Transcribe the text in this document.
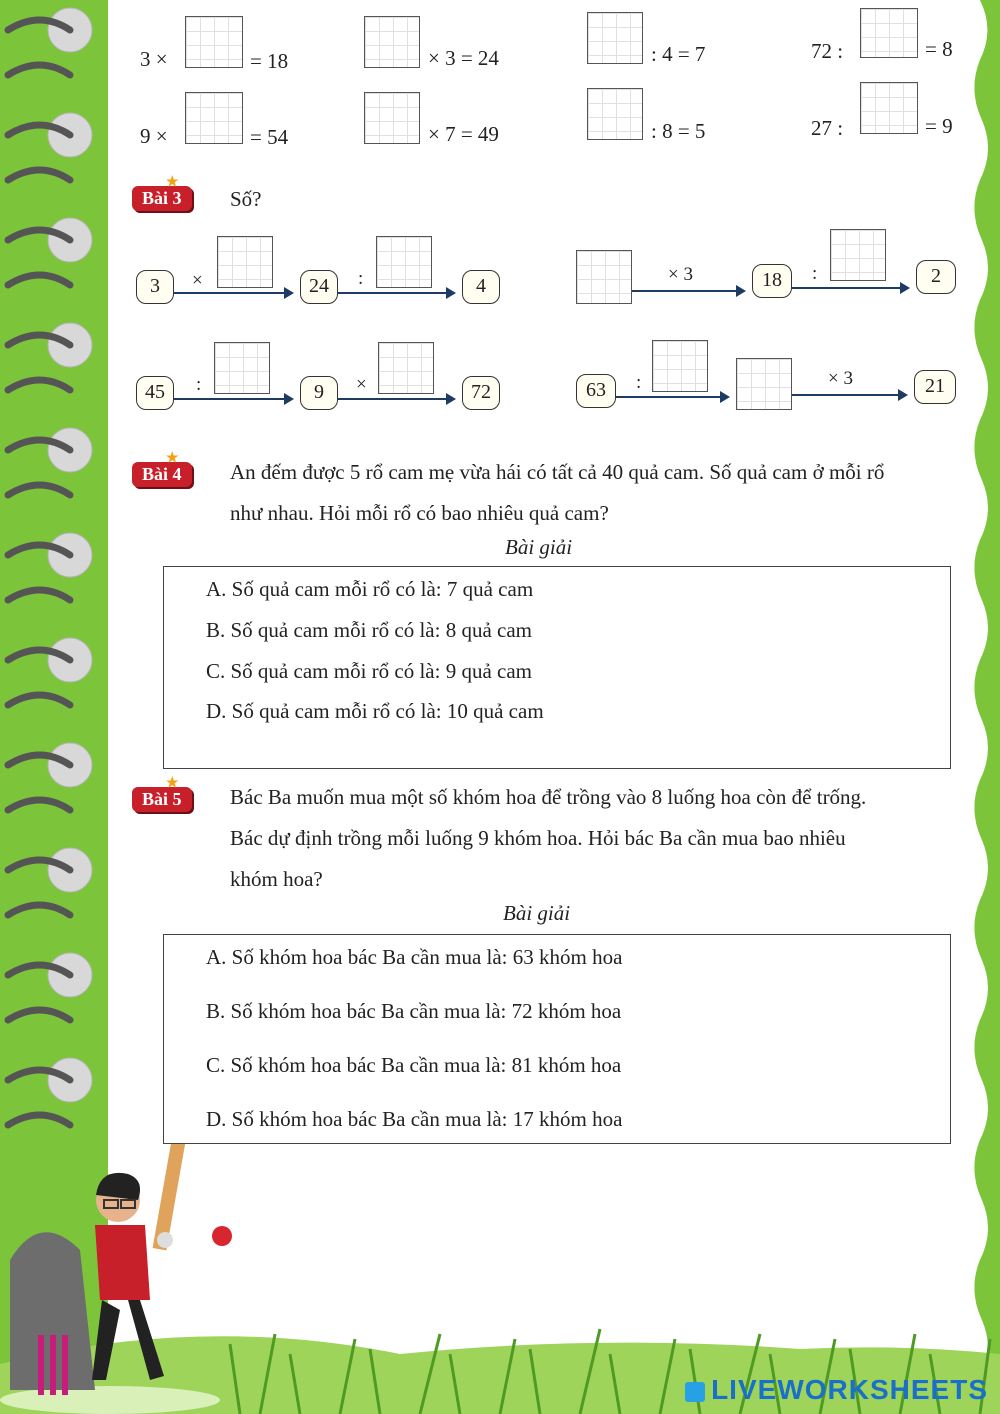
3 ×	= 18	× 3 = 24	: 4 = 7	72 :	= 8
9 ×	= 54	× 7 = 49	: 8 = 5	27 :	= 9
★
Bài 3	Số?
3	×	24	:	4
× 3	18	:	2
45	:	9	×	72	63	:	× 3	21
★
Bài 4	An đếm được 5 rổ cam mẹ vừa hái có tất cả 40 quả cam. Số quả cam ở mỗi rổ
như nhau. Hỏi mỗi rổ có bao nhiêu quả cam?
Bài giải
A. Số quả cam mỗi rổ có là: 7 quả cam
B. Số quả cam mỗi rổ có là: 8 quả cam
C. Số quả cam mỗi rổ có là: 9 quả cam
D. Số quả cam mỗi rổ có là: 10 quả cam
★
Bài 5	Bác Ba muốn mua một số khóm hoa để trồng vào 8 luống hoa còn để trống.
Bác dự định trồng mỗi luống 9 khóm hoa. Hỏi bác Ba cần mua bao nhiêu
khóm hoa?
Bài giải
A. Số khóm hoa bác Ba cần mua là: 63 khóm hoa
B. Số khóm hoa bác Ba cần mua là: 72 khóm hoa
C. Số khóm hoa bác Ba cần mua là: 81 khóm hoa
D. Số khóm hoa bác Ba cần mua là: 17 khóm hoa
LIVEWORKSHEETS
